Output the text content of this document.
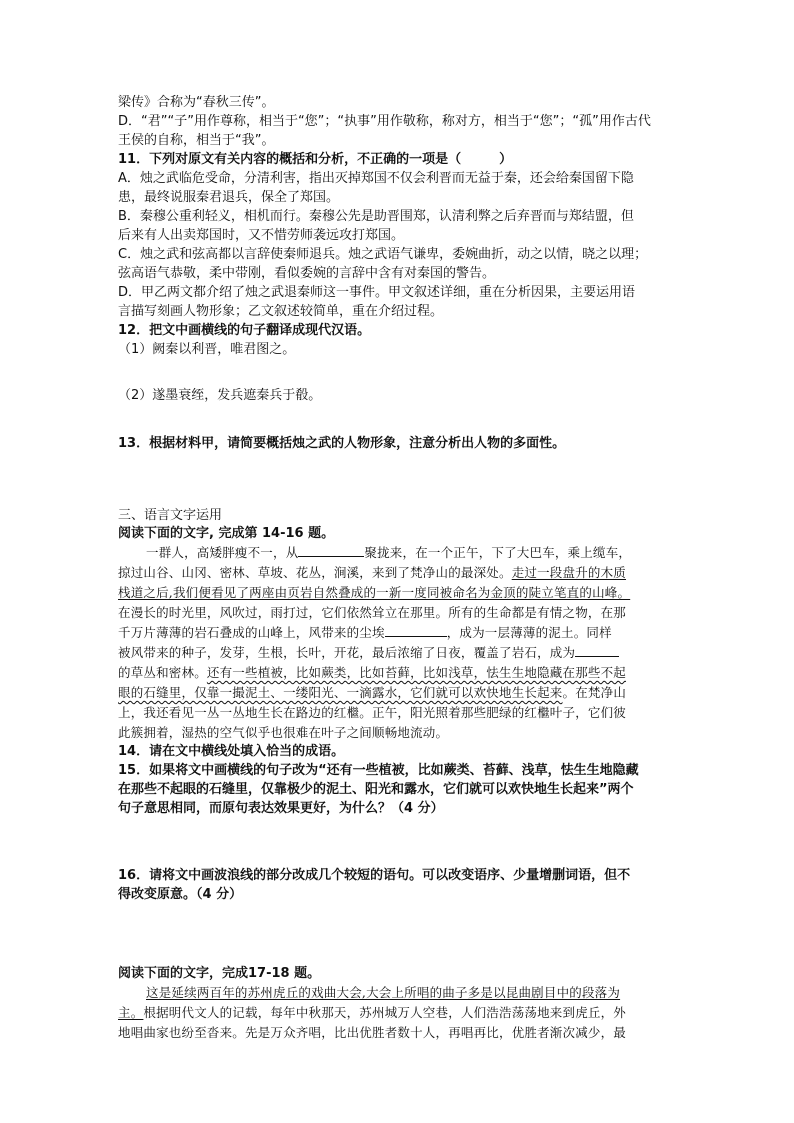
梁传》合称为“春秋三传”。
D．“君”“子”用作尊称，相当于“您”；“执事”用作敬称，称对方，相当于“您”；“孤”用作古代
王侯的自称，相当于“我”。
11．下列对原文有关内容的概括和分析，不正确的一项是（	）
A．烛之武临危受命，分清利害，指出灭掉郑国不仅会利晋而无益于秦，还会给秦国留下隐
患，最终说服秦君退兵，保全了郑国。
B．秦穆公重利轻义，相机而行。秦穆公先是助晋围郑，认清利弊之后弃晋而与郑结盟，但
后来有人出卖郑国时，又不惜劳师袭远攻打郑国。
C．烛之武和弦高都以言辞使秦师退兵。烛之武语气谦卑，委婉曲折，动之以情，晓之以理；
弦高语气恭敬，柔中带刚，看似委婉的言辞中含有对秦国的警告。
D．甲乙两文都介绍了烛之武退秦师这一事件。甲文叙述详细，重在分析因果，主要运用语
言描写刻画人物形象；乙文叙述较简单，重在介绍过程。
12．把文中画横线的句子翻译成现代汉语。
（1）阙秦以利晋，唯君图之。
（2）遂墨衰绖，发兵遮秦兵于殽。
13．根据材料甲，请简要概括烛之武的人物形象，注意分析出人物的多面性。
三、语言文字运用
阅读下面的文字, 完成第 14-16 题。
一群人，高矮胖瘦不一，从	聚拢来，在一个正午，下了大巴车，乘上缆车，
掠过山谷、山冈、密林、草坡、花丛，涧溪，来到了梵净山的最深处。走过一段盘升的木质
栈道之后,我们便看见了两座由页岩自然叠成的一新一度同被命名为金顶的陡立笔直的山峰。
在漫长的时光里，风吹过，雨打过，它们依然耸立在那里。所有的生命都是有情之物，在那
千万片薄薄的岩石叠成的山峰上，风带来的尘埃	，成为一层薄薄的泥土。同样
被风带来的种子，发芽，生根，长叶，开花，最后浓缩了日夜，覆盖了岩石，成为
的草丛和密林。还有一些植被，比如蕨类，比如苔藓，比如浅草，怯生生地隐藏在那些不起
眼的石缝里，仅靠一撮泥土、一缕阳光、一滴露水，它们就可以欢快地生长起来。在梵净山
上，我还看见一丛一丛地生长在路边的红檵。正午，阳光照着那些肥绿的红檵叶子，它们彼
此簇拥着，湿热的空气似乎也很难在叶子之间顺畅地流动。
14．请在文中横线处填入恰当的成语。
15．如果将文中画横线的句子改为“还有一些植被，比如蕨类、苔藓、浅草，怯生生地隐藏
在那些不起眼的石缝里，仅靠极少的泥土、阳光和露水，它们就可以欢快地生长起来”两个
句子意思相同，而原句表达效果更好，为什么？（4 分）
16．请将文中画波浪线的部分改成几个较短的语句。可以改变语序、少量增删词语，但不
得改变原意。（4 分）
阅读下面的文字，完成17-18 题。
这是延续两百年的苏州虎丘的戏曲大会,大会上所唱的曲子多是以昆曲剧目中的段落为
主。根据明代文人的记载，每年中秋那天，苏州城万人空巷，人们浩浩荡荡地来到虎丘，外
地唱曲家也纷至沓来。先是万众齐唱，比出优胜者数十人，再唱再比，优胜者渐次减少，最
